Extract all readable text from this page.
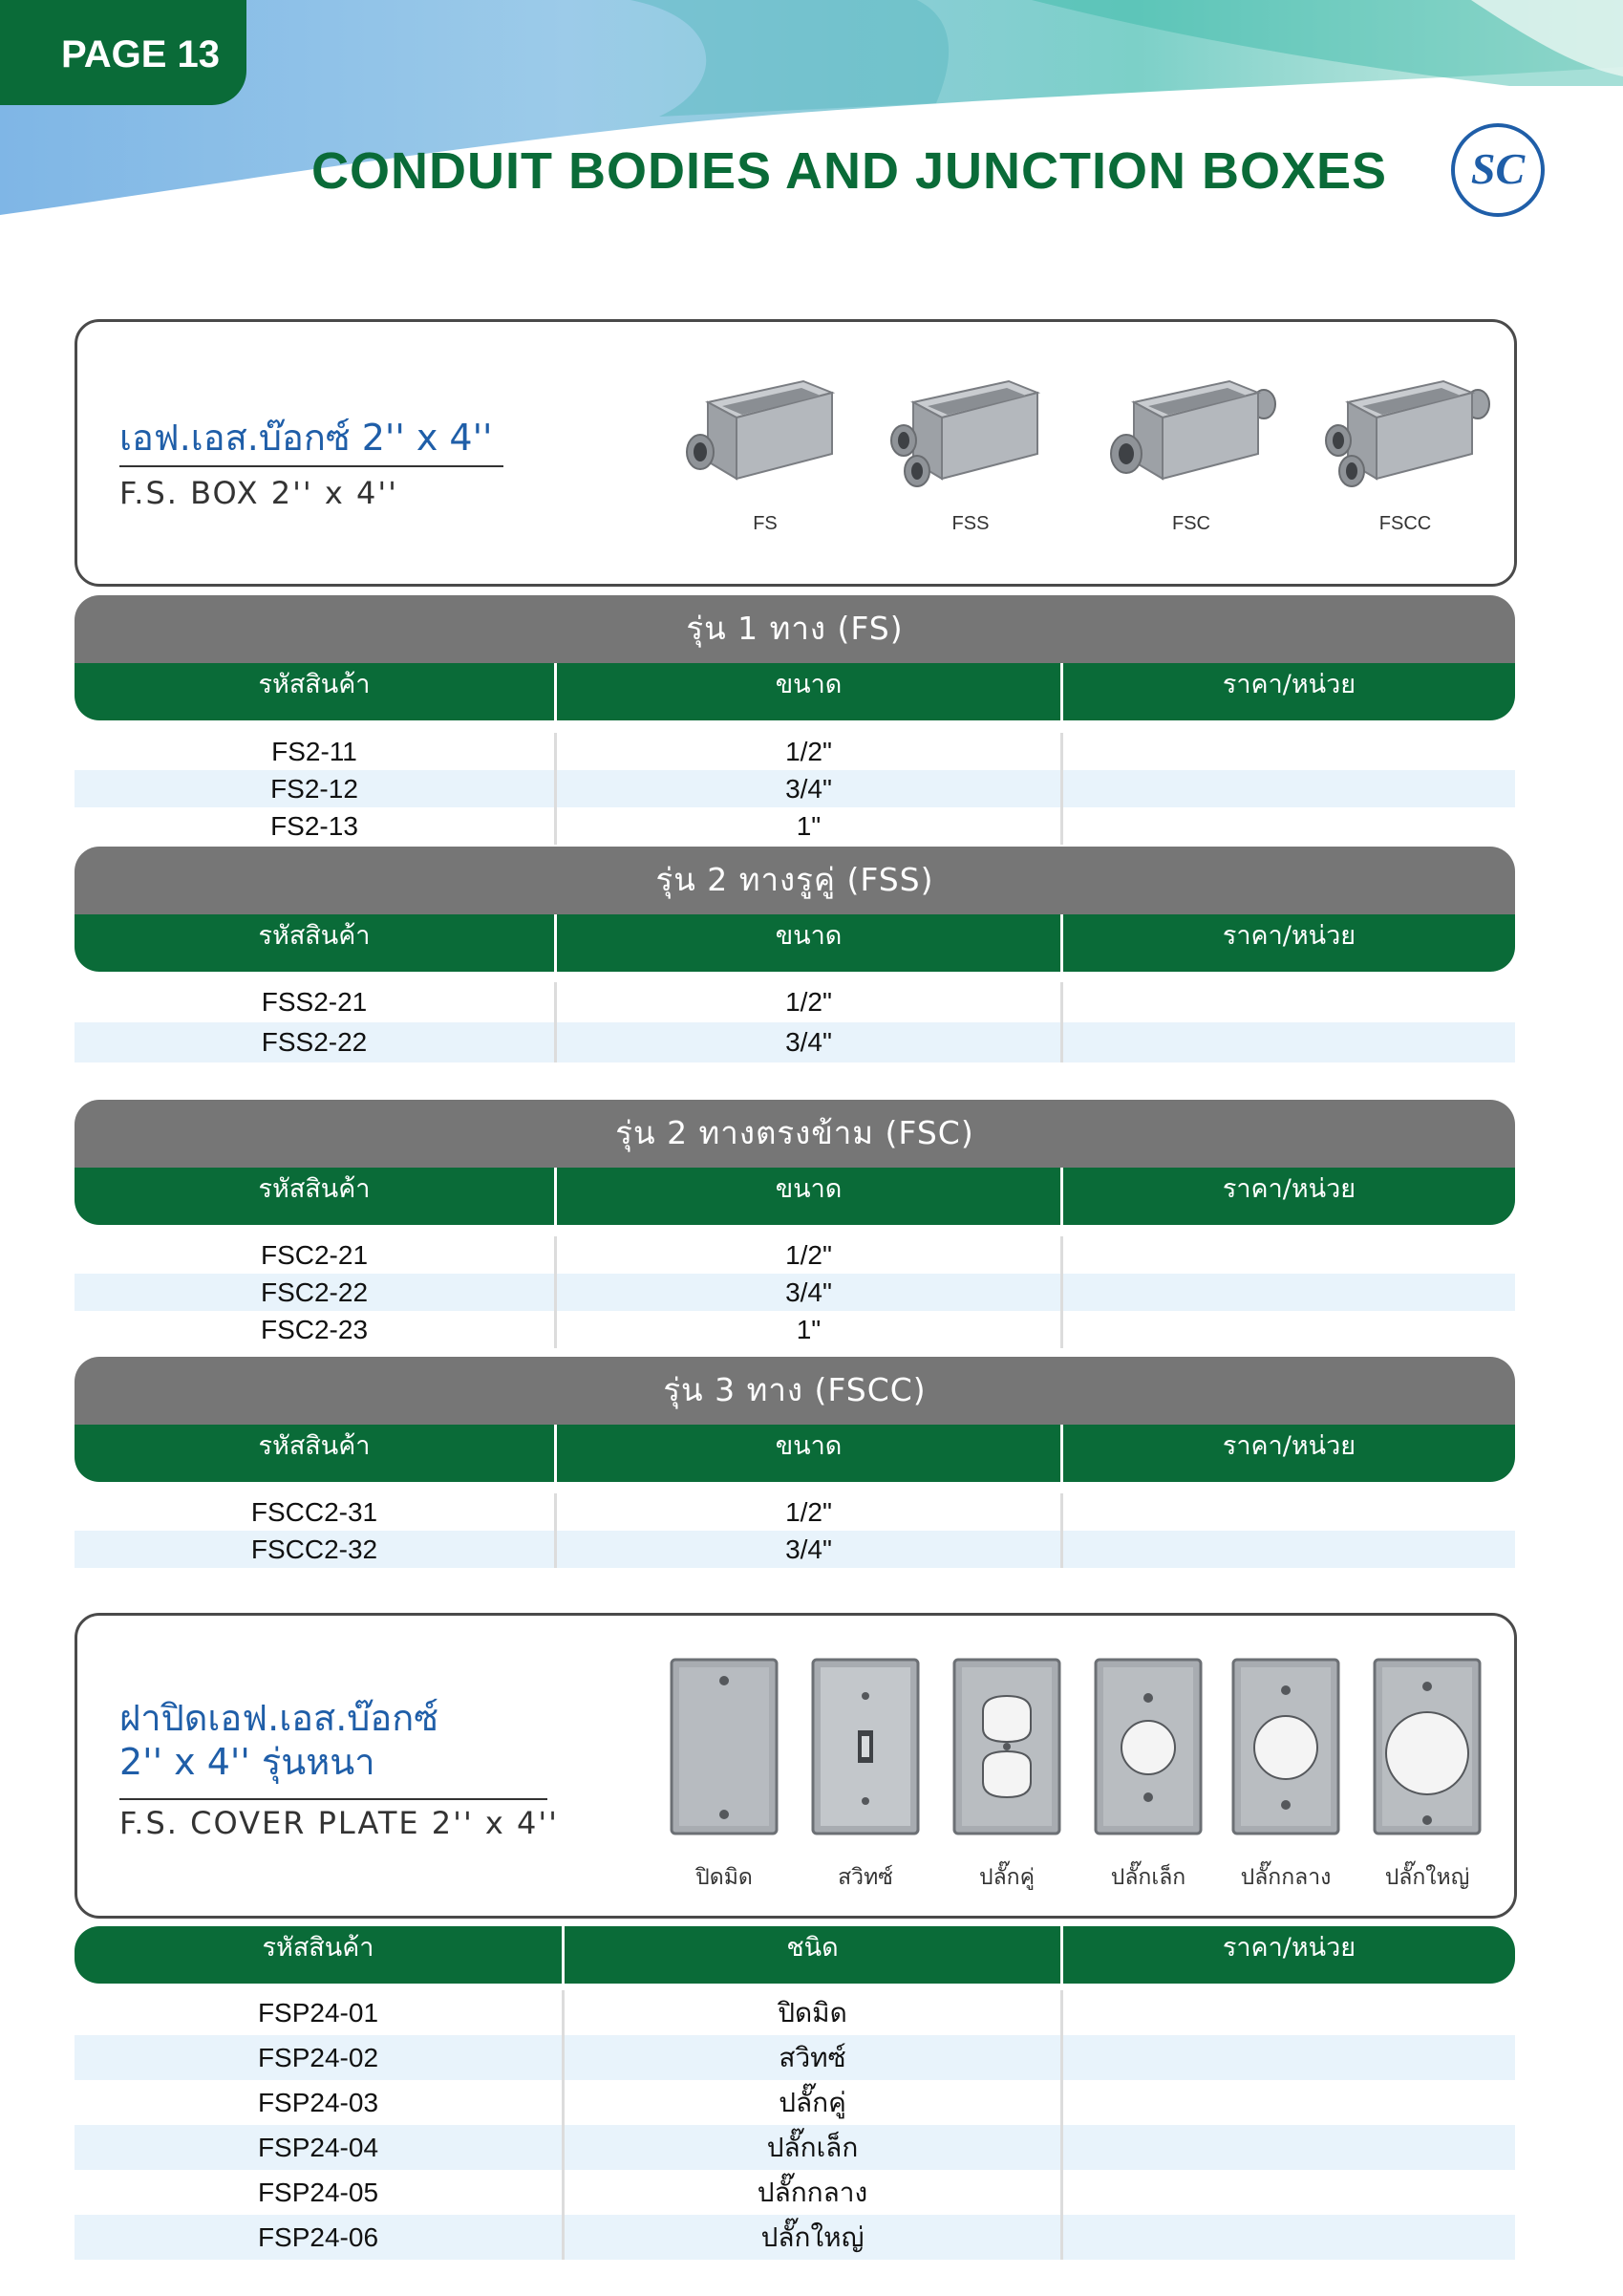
PAGE 13
CONDUIT BODIES AND JUNCTION BOXES	SC
เอฟ.เอส.บ๊อกซ์ 2'' x 4''
F.S. BOX 2'' x 4''
FS	FSS	FSC	FSCC
รุ่น 1 ทาง (FS)
รหัสสินค้า	ขนาด	ราคา/หน่วย
FS2-11	1/2"
FS2-12	3/4"
FS2-13	1"
รุ่น 2 ทางรูคู่ (FSS)
รหัสสินค้า	ขนาด	ราคา/หน่วย
FSS2-21	1/2"
FSS2-22	3/4"
รุ่น 2 ทางตรงข้าม (FSC)
รหัสสินค้า	ขนาด	ราคา/หน่วย
FSC2-21	1/2"
FSC2-22	3/4"
FSC2-23	1"
รุ่น 3 ทาง (FSCC)
รหัสสินค้า	ขนาด	ราคา/หน่วย
FSCC2-31	1/2"
FSCC2-32	3/4"
ฝาปิดเอฟ.เอส.บ๊อกซ์
2'' x 4'' รุ่นหนา
F.S. COVER PLATE 2'' x 4''
ปิดมิด	สวิทซ์	ปลั๊กคู่	ปลั๊กเล็ก	ปลั๊กกลาง	ปลั๊กใหญ่
รหัสสินค้า	ชนิด	ราคา/หน่วย
FSP24-01	ปิดมิด
FSP24-02	สวิทซ์
FSP24-03	ปลั๊กคู่
FSP24-04	ปลั๊กเล็ก
FSP24-05	ปลั๊กกลาง
FSP24-06	ปลั๊กใหญ่
